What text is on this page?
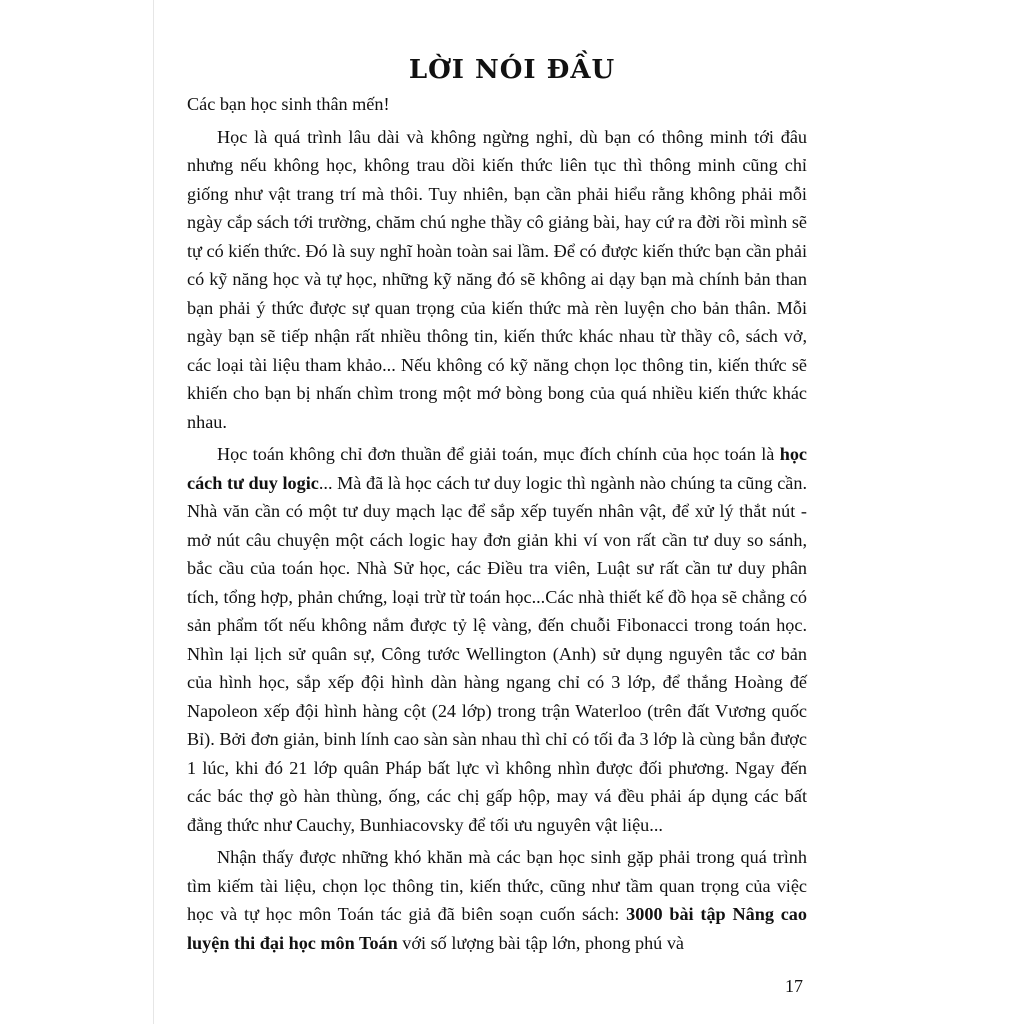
LỜI NÓI ĐẦU

Các bạn học sinh thân mến!

Học là quá trình lâu dài và không ngừng nghỉ, dù bạn có thông minh tới đâu nhưng nếu không học, không trau dồi kiến thức liên tục thì thông minh cũng chỉ giống như vật trang trí mà thôi. Tuy nhiên, bạn cần phải hiểu rằng không phải mỗi ngày cắp sách tới trường, chăm chú nghe thầy cô giảng bài, hay cứ ra đời rồi mình sẽ tự có kiến thức. Đó là suy nghĩ hoàn toàn sai lầm. Để có được kiến thức bạn cần phải có kỹ năng học và tự học, những kỹ năng đó sẽ không ai dạy bạn mà chính bản than bạn phải ý thức được sự quan trọng của kiến thức mà rèn luyện cho bản thân. Mỗi ngày bạn sẽ tiếp nhận rất nhiều thông tin, kiến thức khác nhau từ thầy cô, sách vở, các loại tài liệu tham khảo... Nếu không có kỹ năng chọn lọc thông tin, kiến thức sẽ khiến cho bạn bị nhấn chìm trong một mớ bòng bong của quá nhiều kiến thức khác nhau.

Học toán không chỉ đơn thuần để giải toán, mục đích chính của học toán là học cách tư duy logic... Mà đã là học cách tư duy logic thì ngành nào chúng ta cũng cần. Nhà văn cần có một tư duy mạch lạc để sắp xếp tuyến nhân vật, để xử lý thắt nút - mở nút câu chuyện một cách logic hay đơn giản khi ví von rất cần tư duy so sánh, bắc cầu của toán học. Nhà Sử học, các Điều tra viên, Luật sư rất cần tư duy phân tích, tổng hợp, phản chứng, loại trừ từ toán học...Các nhà thiết kế đồ họa sẽ chẳng có sản phẩm tốt nếu không nắm được tỷ lệ vàng, đến chuỗi Fibonacci trong toán học. Nhìn lại lịch sử quân sự, Công tước Wellington (Anh) sử dụng nguyên tắc cơ bản của hình học, sắp xếp đội hình dàn hàng ngang chỉ có 3 lớp, để thắng Hoàng đế Napoleon xếp đội hình hàng cột (24 lớp) trong trận Waterloo (trên đất Vương quốc Bỉ). Bởi đơn giản, binh lính cao sàn sàn nhau thì chỉ có tối đa 3 lớp là cùng bắn được 1 lúc, khi đó 21 lớp quân Pháp bất lực vì không nhìn được đối phương. Ngay đến các bác thợ gò hàn thùng, ống, các chị gấp hộp, may vá đều phải áp dụng các bất đẳng thức như Cauchy, Bunhiacovsky để tối ưu nguyên vật liệu...

Nhận thấy được những khó khăn mà các bạn học sinh gặp phải trong quá trình tìm kiếm tài liệu, chọn lọc thông tin, kiến thức, cũng như tầm quan trọng của việc học và tự học môn Toán tác giả đã biên soạn cuốn sách: 3000 bài tập Nâng cao luyện thi đại học môn Toán với số lượng bài tập lớn, phong phú và

17
